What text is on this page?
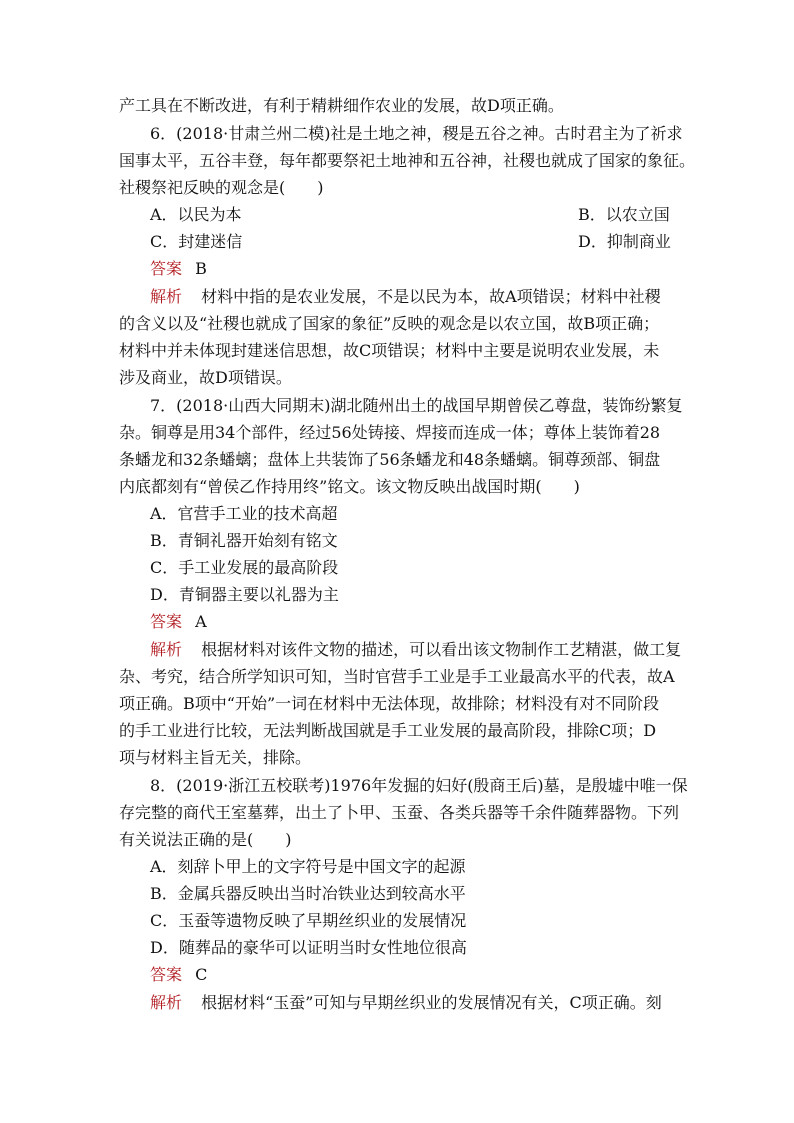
产工具在不断改进，有利于精耕细作农业的发展，故D项正确。
6．(2018·甘肃兰州二模)社是土地之神，稷是五谷之神。古时君主为了祈求
国事太平，五谷丰登，每年都要祭祀土地神和五谷神，社稷也就成了国家的象征。
社稷祭祀反映的观念是(　　)
A．以民为本	B．以农立国
C．封建迷信	D．抑制商业
答案 B
解析 材料中指的是农业发展，不是以民为本，故A项错误；材料中社稷
的含义以及“社稷也就成了国家的象征”反映的观念是以农立国，故B项正确；
材料中并未体现封建迷信思想，故C项错误；材料中主要是说明农业发展，未
涉及商业，故D项错误。
7．(2018·山西大同期末)湖北随州出土的战国早期曾侯乙尊盘，装饰纷繁复
杂。铜尊是用34个部件，经过56处铸接、焊接而连成一体；尊体上装饰着28
条蟠龙和32条蟠螭；盘体上共装饰了56条蟠龙和48条蟠螭。铜尊颈部、铜盘
内底都刻有“曾侯乙作持用终”铭文。该文物反映出战国时期(　　)
A．官营手工业的技术高超
B．青铜礼器开始刻有铭文
C．手工业发展的最高阶段
D．青铜器主要以礼器为主
答案 A
解析 根据材料对该件文物的描述，可以看出该文物制作工艺精湛，做工复
杂、考究，结合所学知识可知，当时官营手工业是手工业最高水平的代表，故A
项正确。B项中“开始”一词在材料中无法体现，故排除；材料没有对不同阶段
的手工业进行比较，无法判断战国就是手工业发展的最高阶段，排除C项；D
项与材料主旨无关，排除。
8．(2019·浙江五校联考)1976年发掘的妇好(殷商王后)墓，是殷墟中唯一保
存完整的商代王室墓葬，出土了卜甲、玉蚕、各类兵器等千余件随葬器物。下列
有关说法正确的是(　　)
A．刻辞卜甲上的文字符号是中国文字的起源
B．金属兵器反映出当时冶铁业达到较高水平
C．玉蚕等遗物反映了早期丝织业的发展情况
D．随葬品的豪华可以证明当时女性地位很高
答案 C
解析 根据材料“玉蚕”可知与早期丝织业的发展情况有关，C项正确。刻
